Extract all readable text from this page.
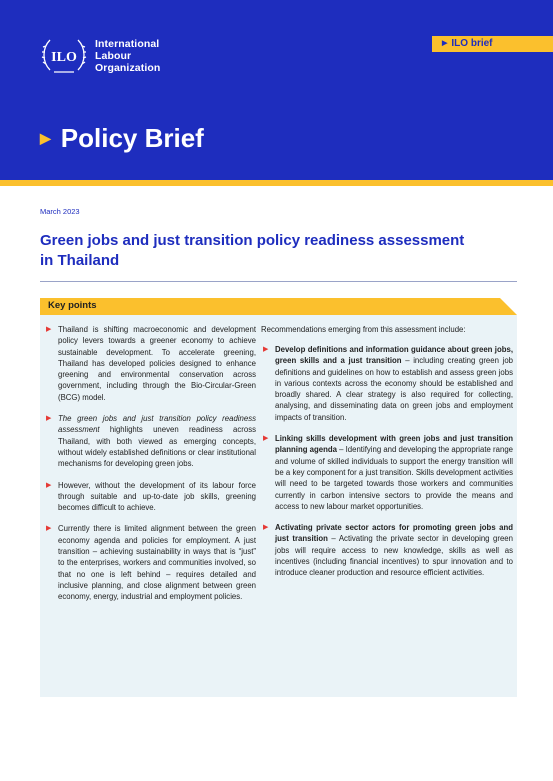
ILO
International
Labour
Organization
▶ ILO brief
▶ Policy Brief
March 2023
Green jobs and just transition policy readiness assessment in Thailand
Key points
▶ Thailand is shifting macroeconomic and development policy levers towards a greener economy to achieve sustainable development. To accelerate greening, Thailand has developed policies designed to enhance greening and environmental conservation across government, including through the Bio-Circular-Green (BCG) model.
▶ The green jobs and just transition policy readiness assessment highlights uneven readiness across Thailand, with both viewed as emerging concepts, without widely established definitions or clear institutional mechanisms for developing green jobs.
▶ However, without the development of its labour force through suitable and up-to-date job skills, greening becomes difficult to achieve.
▶ Currently there is limited alignment between the green economy agenda and policies for employment. A just transition – achieving sustainability in ways that is “just” to the enterprises, workers and communities involved, so that no one is left behind – requires detailed and inclusive planning, and close alignment between green economy, energy, industrial and employment policies.
Recommendations emerging from this assessment include:
▶ Develop definitions and information guidance about green jobs, green skills and a just transition – including creating green job definitions and guidelines on how to establish and assess green jobs in various contexts across the economy should be established and broadly shared. A clear strategy is also required for collecting, analysing, and disseminating data on green jobs and employment impacts of transition.
▶ Linking skills development with green jobs and just transition planning agenda – Identifying and developing the appropriate range and volume of skilled individuals to support the energy transition will be a key component for a just transition. Skills development activities will need to be targeted towards those workers and communities currently in carbon intensive sectors to provide the means and access to new labour market opportunities.
▶ Activating private sector actors for promoting green jobs and just transition – Activating the private sector in developing green jobs will require access to new knowledge, skills as well as incentives (including financial incentives) to spur innovation and to introduce cleaner production and resource efficient activities.
